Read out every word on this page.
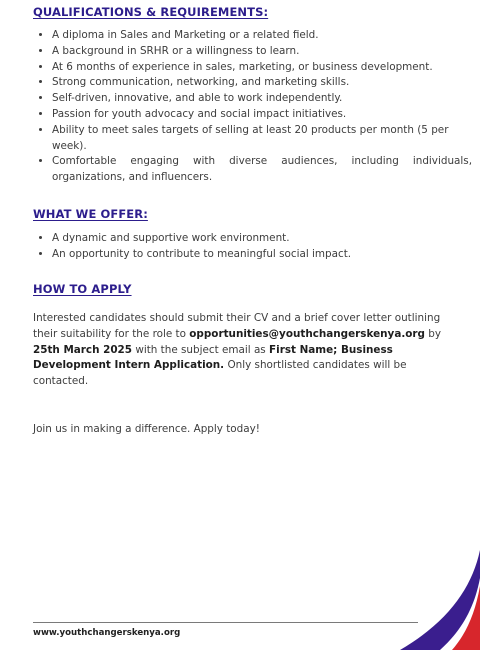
QUALIFICATIONS & REQUIREMENTS:
• A diploma in Sales and Marketing or a related field.
• A background in SRHR or a willingness to learn.
• At 6 months of experience in sales, marketing, or business development.
• Strong communication, networking, and marketing skills.
• Self-driven, innovative, and able to work independently.
• Passion for youth advocacy and social impact initiatives.
• Ability to meet sales targets of selling at least 20 products per month (5 per week).
• Comfortable engaging with diverse audiences, including individuals, organizations, and influencers.
WHAT WE OFFER:
• A dynamic and supportive work environment.
• An opportunity to contribute to meaningful social impact.
HOW TO APPLY

Interested candidates should submit their CV and a brief cover letter outlining their suitability for the role to opportunities@youthchangerskenya.org by 25th March 2025 with the subject email as First Name; Business Development Intern Application. Only shortlisted candidates will be contacted.

Join us in making a difference. Apply today!

www.youthchangerskenya.org
